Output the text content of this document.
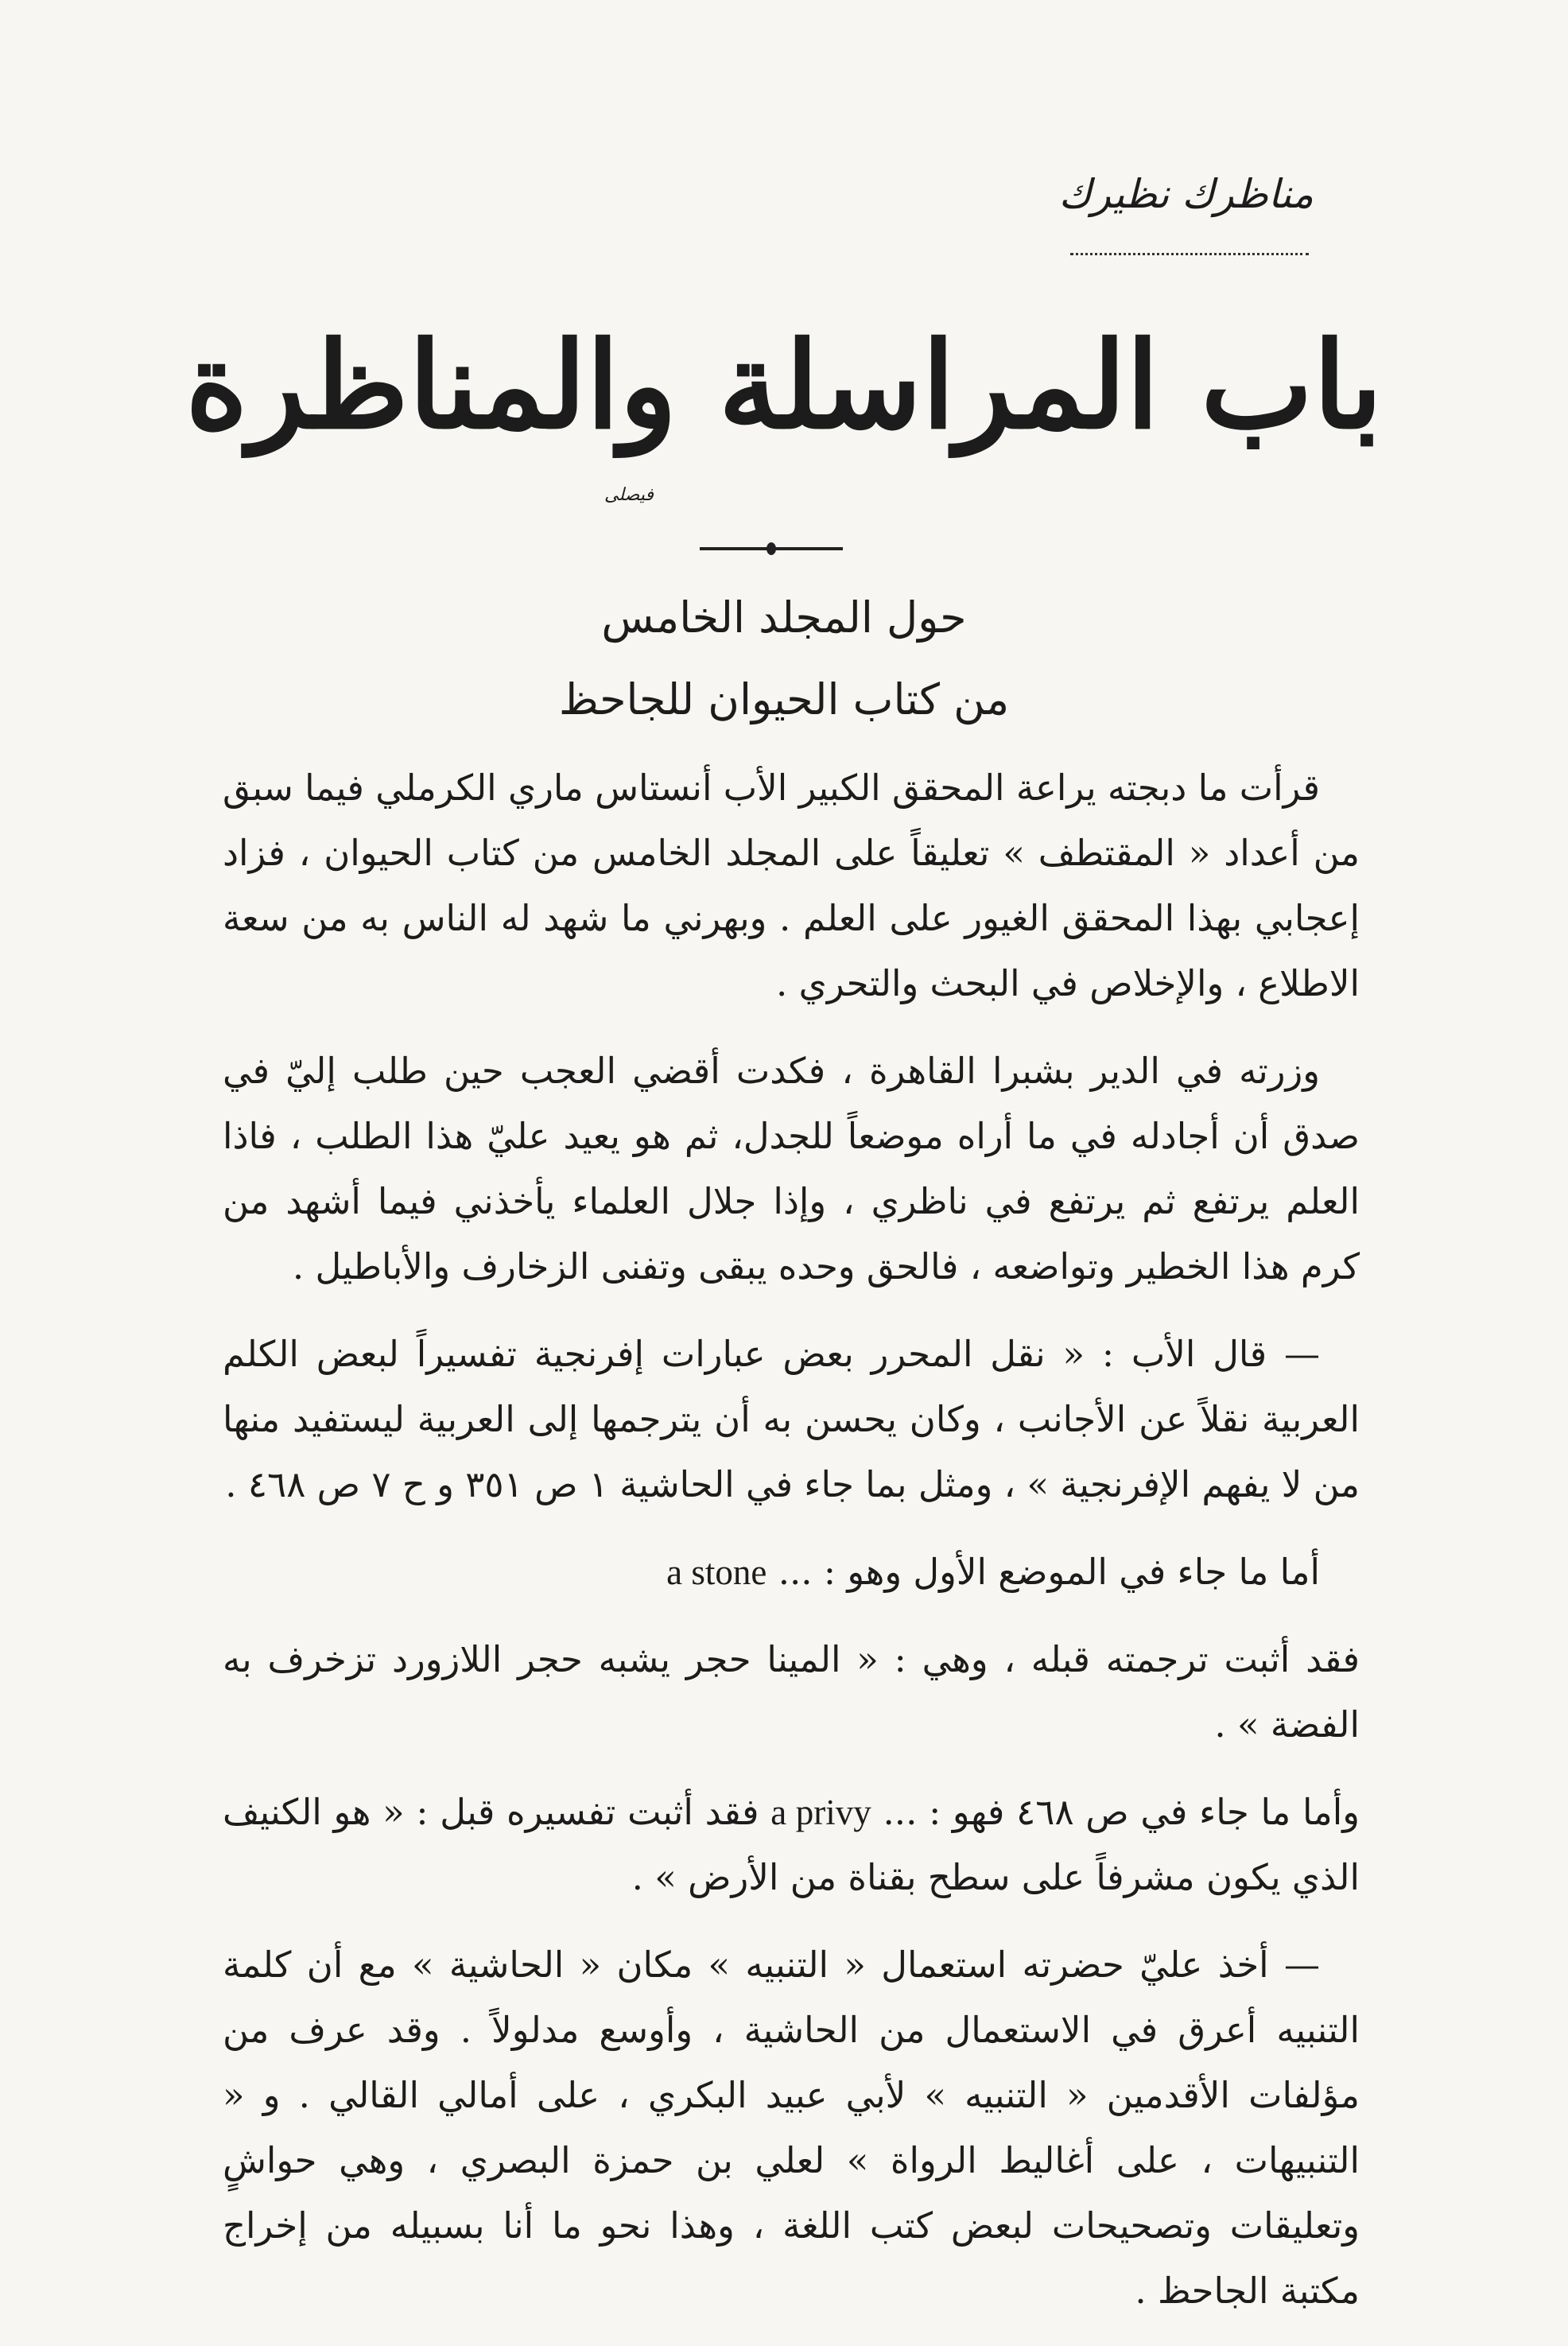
مناظرك نظيرك
باب المراسلة والمناظرة
فيصلى
حول المجلد الخامس
من كتاب الحيوان للجاحظ

قرأت ما دبجته يراعة المحقق الكبير الأب أنستاس ماري الكرملي فيما سبق من أعداد « المقتطف » تعليقاً على المجلد الخامس من كتاب الحيوان ، فزاد إعجابي بهذا المحقق الغيور على العلم . وبهرني ما شهد له الناس به من سعة الاطلاع ، والإخلاص في البحث والتحري .

وزرته في الدير بشبرا القاهرة ، فكدت أقضي العجب حين طلب إليّ في صدق أن أجادله في ما أراه موضعاً للجدل، ثم هو يعيد عليّ هذا الطلب ، فاذا العلم يرتفع ثم يرتفع في ناظري ، وإذا جلال العلماء يأخذني فيما أشهد من كرم هذا الخطير وتواضعه ، فالحق وحده يبقى وتفنى الزخارف والأباطيل .

— قال الأب : « نقل المحرر بعض عبارات إفرنجية تفسيراً لبعض الكلم العربية نقلاً عن الأجانب ، وكان يحسن به أن يترجمها إلى العربية ليستفيد منها من لا يفهم الإفرنجية » ، ومثل بما جاء في الحاشية ١ ص ٣٥١ و ح ٧ ص ٤٦٨ .

أما ما جاء في الموضع الأول وهو : ... a stone

فقد أثبت ترجمته قبله ، وهي : « المينا حجر يشبه حجر اللازورد تزخرف به الفضة » .

وأما ما جاء في ص ٤٦٨ فهو : ... a privy فقد أثبت تفسيره قبل : « هو الكنيف الذي يكون مشرفاً على سطح بقناة من الأرض » .

— أخذ عليّ حضرته استعمال « التنبيه » مكان « الحاشية » مع أن كلمة التنبيه أعرق في الاستعمال من الحاشية ، وأوسع مدلولاً . وقد عرف من مؤلفات الأقدمين « التنبيه » لأبي عبيد البكري ، على أمالي القالي . و « التنبيهات ، على أغاليط الرواة » لعلي بن حمزة البصري ، وهي حواشٍ وتعليقات وتصحيحات لبعض كتب اللغة ، وهذا نحو ما أنا بسبيله من إخراج مكتبة الجاحظ .
